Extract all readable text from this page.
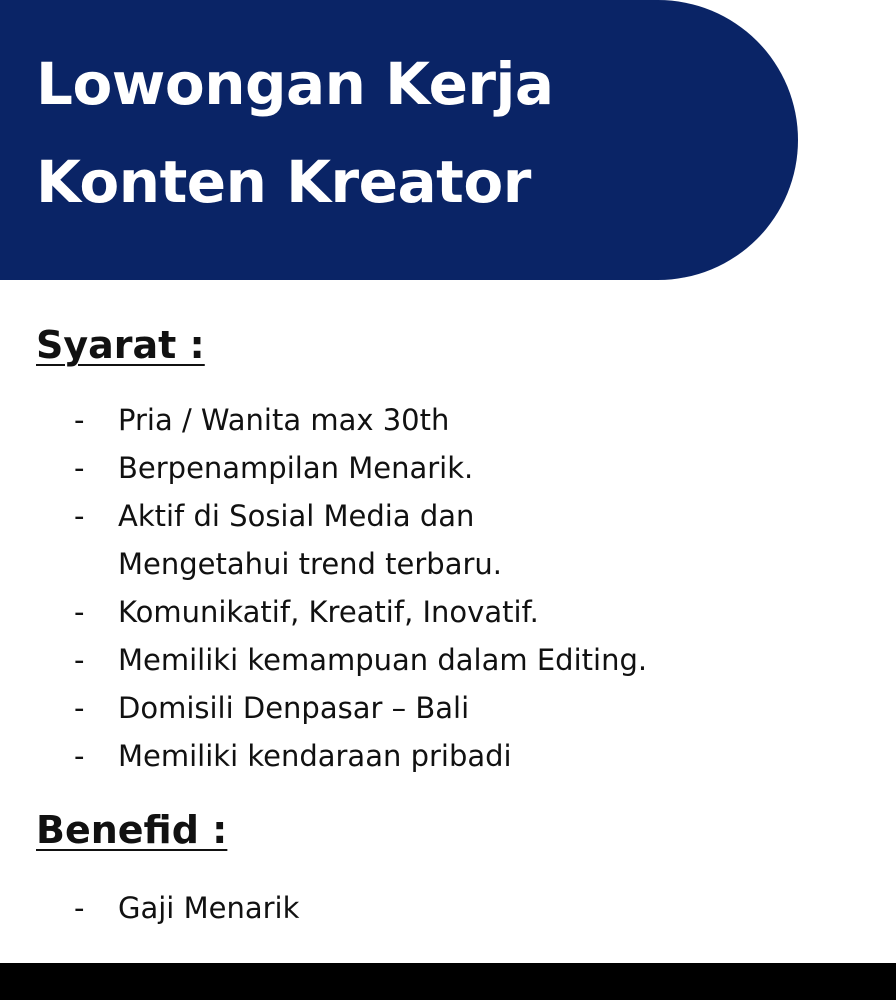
Lowongan Kerja
Konten Kreator
Syarat :
-	Pria / Wanita max 30th
-	Berpenampilan Menarik.
-	Aktif di Sosial Media dan
Mengetahui trend terbaru.
-	Komunikatif, Kreatif, Inovatif.
-	Memiliki kemampuan dalam Editing.
-	Domisili Denpasar – Bali
-	Memiliki kendaraan pribadi
Benefid :
-	Gaji Menarik
